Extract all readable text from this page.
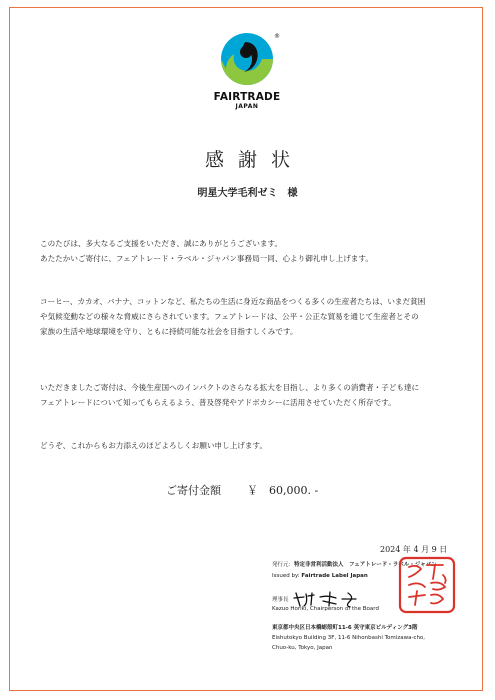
®
FAIRTRADE
JAPAN
感謝状
明星大学毛利ゼミ　様

このたびは、多大なるご支援をいただき、誠にありがとうございます。
あたたかいご寄付に、フェアトレード・ラベル・ジャパン事務局一同、心より御礼申し上げます。

コーヒー、カカオ、バナナ、コットンなど、私たちの生活に身近な商品をつくる多くの生産者たちは、いまだ貧困
や気候変動などの様々な脅威にさらされています。フェアトレードは、公平・公正な貿易を通じて生産者とその
家族の生活や地球環境を守り、ともに持続可能な社会を目指すしくみです。

いただきましたご寄付は、今後生産国へのインパクトのさらなる拡大を目指し、より多くの消費者・子ども達に
フェアトレードについて知ってもらえるよう、普及啓発やアドボカシーに活用させていただく所存です。

どうぞ、これからもお力添えのほどよろしくお願い申し上げます。

ご寄付金額 ￥　60,000. -
2024 年 4 月 9 日
発行元：特定非営利活動法人　フェアトレード・ラベル・ジャパン
Issued by: Fairtrade Label Japan
理事長
Kazuo Horiki, Chairperson of the Board
東京都中央区日本橋蛎殻町11-6 英守東京ビルディング3階
Eishutokyo Building 3F, 11-6 Nihonbashi Tomizawa-cho,
Chuo-ku, Tokyo, Japan
